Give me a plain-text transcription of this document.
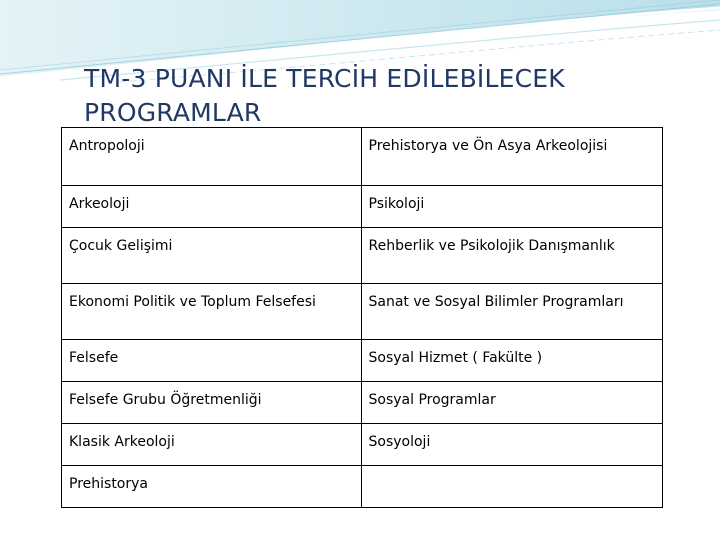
TM-3 PUANI İLE TERCİH EDİLEBİLECEK PROGRAMLAR
Antropoloji	Prehistorya ve Ön Asya Arkeolojisi
Arkeoloji	Psikoloji
Çocuk Gelişimi	Rehberlik ve Psikolojik Danışmanlık
Ekonomi Politik ve Toplum Felsefesi	Sanat ve Sosyal Bilimler Programları
Felsefe	Sosyal Hizmet ( Fakülte )
Felsefe Grubu Öğretmenliği	Sosyal Programlar
Klasik Arkeoloji	Sosyoloji
Prehistorya	
